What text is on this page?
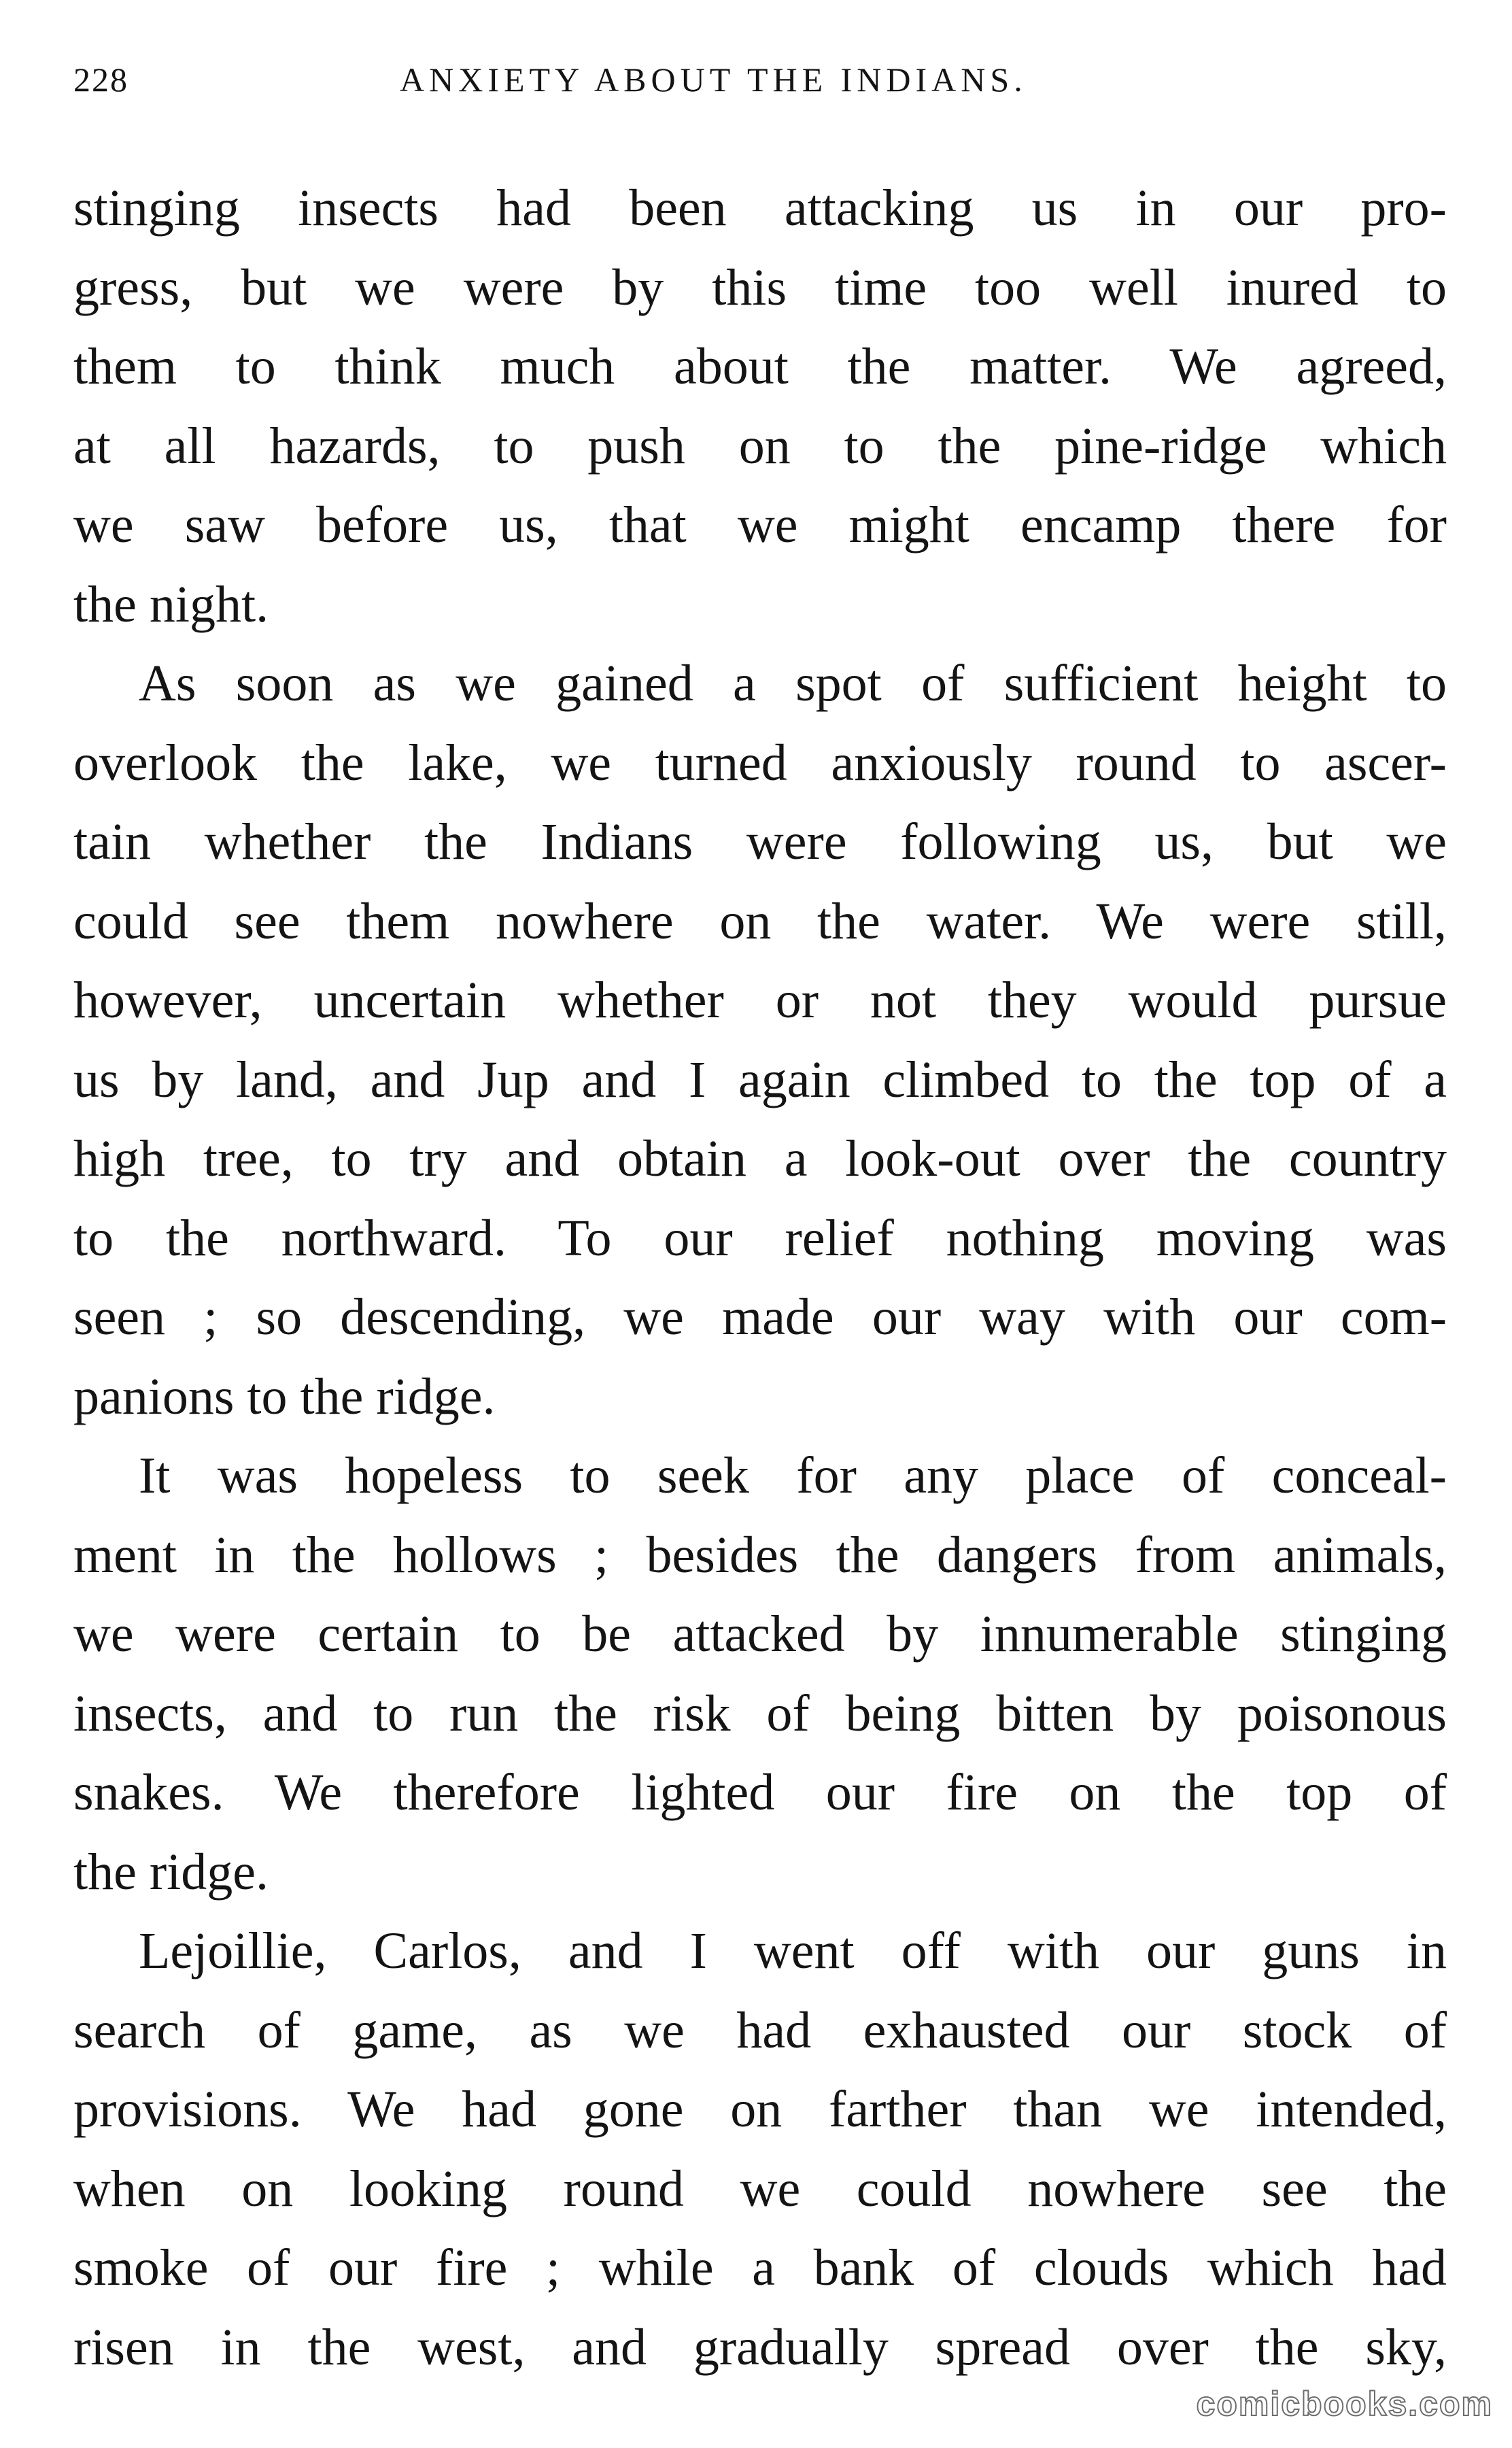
228	ANXIETY ABOUT THE INDIANS.
stinging insects had been attacking us in our pro-
gress, but we were by this time too well inured to
them to think much about the matter. We agreed,
at all hazards, to push on to the pine-ridge which
we saw before us, that we might encamp there for
the night.
As soon as we gained a spot of sufficient height to
overlook the lake, we turned anxiously round to ascer-
tain whether the Indians were following us, but we
could see them nowhere on the water. We were still,
however, uncertain whether or not they would pursue
us by land, and Jup and I again climbed to the top of a
high tree, to try and obtain a look-out over the country
to the northward. To our relief nothing moving was
seen ; so descending, we made our way with our com-
panions to the ridge.
It was hopeless to seek for any place of conceal-
ment in the hollows ; besides the dangers from animals,
we were certain to be attacked by innumerable stinging
insects, and to run the risk of being bitten by poisonous
snakes. We therefore lighted our fire on the top of
the ridge.
Lejoillie, Carlos, and I went off with our guns in
search of game, as we had exhausted our stock of
provisions. We had gone on farther than we intended,
when on looking round we could nowhere see the
smoke of our fire ; while a bank of clouds which had
risen in the west, and gradually spread over the sky,
comicbooks.com
